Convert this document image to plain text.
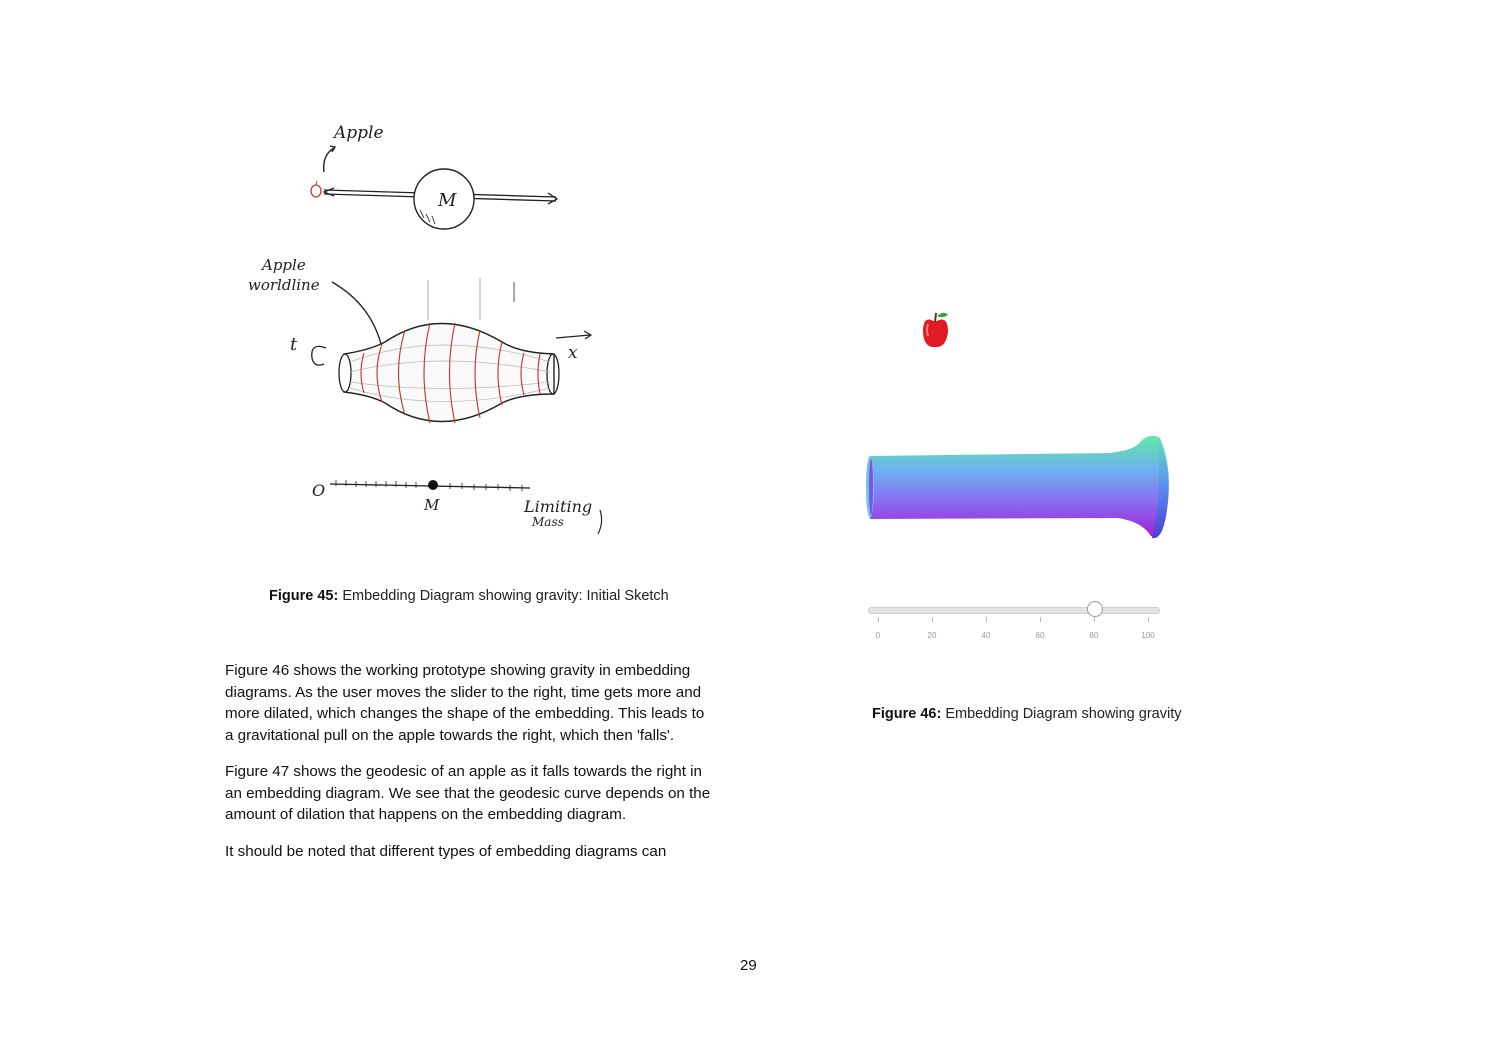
Apple
M
Apple
worldline
t	x
O
M	Limiting
Mass
Figure 45: Embedding Diagram showing gravity: Initial Sketch
0	20	40	60	80	100
Figure 46: Embedding Diagram showing gravity

Figure 46 shows the working prototype showing gravity in embedding diagrams. As the user moves the slider to the right, time gets more and more dilated, which changes the shape of the embedding. This leads to a gravitational pull on the apple towards the right, which then 'falls'.

Figure 47 shows the geodesic of an apple as it falls towards the right in an embedding diagram. We see that the geodesic curve depends on the amount of dilation that happens on the embedding diagram.

It should be noted that different types of embedding diagrams can

29
